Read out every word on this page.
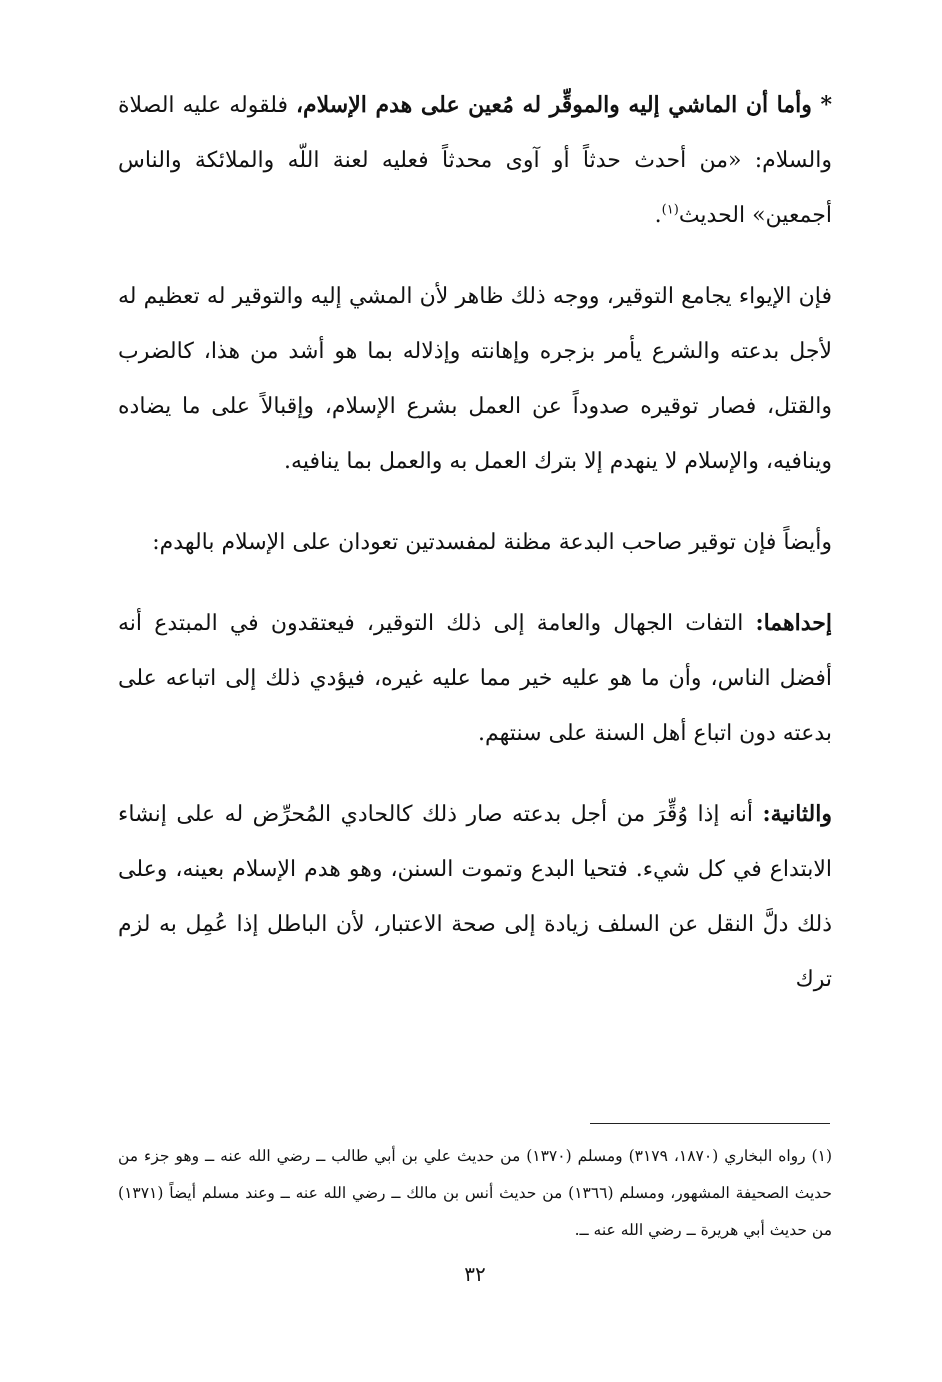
* وأما أن الماشي إليه والموقِّر له مُعين على هدم الإسلام، فلقوله عليه الصلاة والسلام: «من أحدث حدثاً أو آوى محدثاً فعليه لعنة اللّه والملائكة والناس أجمعين» الحديث$^{(١)}$.

فإن الإيواء يجامع التوقير، ووجه ذلك ظاهر لأن المشي إليه والتوقير له تعظيم له لأجل بدعته والشرع يأمر بزجره وإهانته وإذلاله بما هو أشد من هذا، كالضرب والقتل، فصار توقيره صدوداً عن العمل بشرع الإسلام، وإقبالاً على ما يضاده وينافيه، والإسلام لا ينهدم إلا بترك العمل به والعمل بما ينافيه.

وأيضاً فإن توقير صاحب البدعة مظنة لمفسدتين تعودان على الإسلام بالهدم:

إحداهما: التفات الجهال والعامة إلى ذلك التوقير، فيعتقدون في المبتدع أنه أفضل الناس، وأن ما هو عليه خير مما عليه غيره، فيؤدي ذلك إلى اتباعه على بدعته دون اتباع أهل السنة على سنتهم.

والثانية: أنه إذا وُقِّرَ من أجل بدعته صار ذلك كالحادي المُحرِّض له على إنشاء الابتداع في كل شيء. فتحيا البدع وتموت السنن، وهو هدم الإسلام بعينه، وعلى ذلك دلَّ النقل عن السلف زيادة إلى صحة الاعتبار، لأن الباطل إذا عُمِل به لزم ترك

(١) رواه البخاري (١٨٧٠، ٣١٧٩) ومسلم (١٣٧٠) من حديث علي بن أبي طالب ــ رضي الله عنه ــ وهو جزء من حديث الصحيفة المشهور، ومسلم (١٣٦٦) من حديث أنس بن مالك ــ رضي الله عنه ــ وعند مسلم أيضاً (١٣٧١) من حديث أبي هريرة ــ رضي الله عنه ــ.

٣٢
